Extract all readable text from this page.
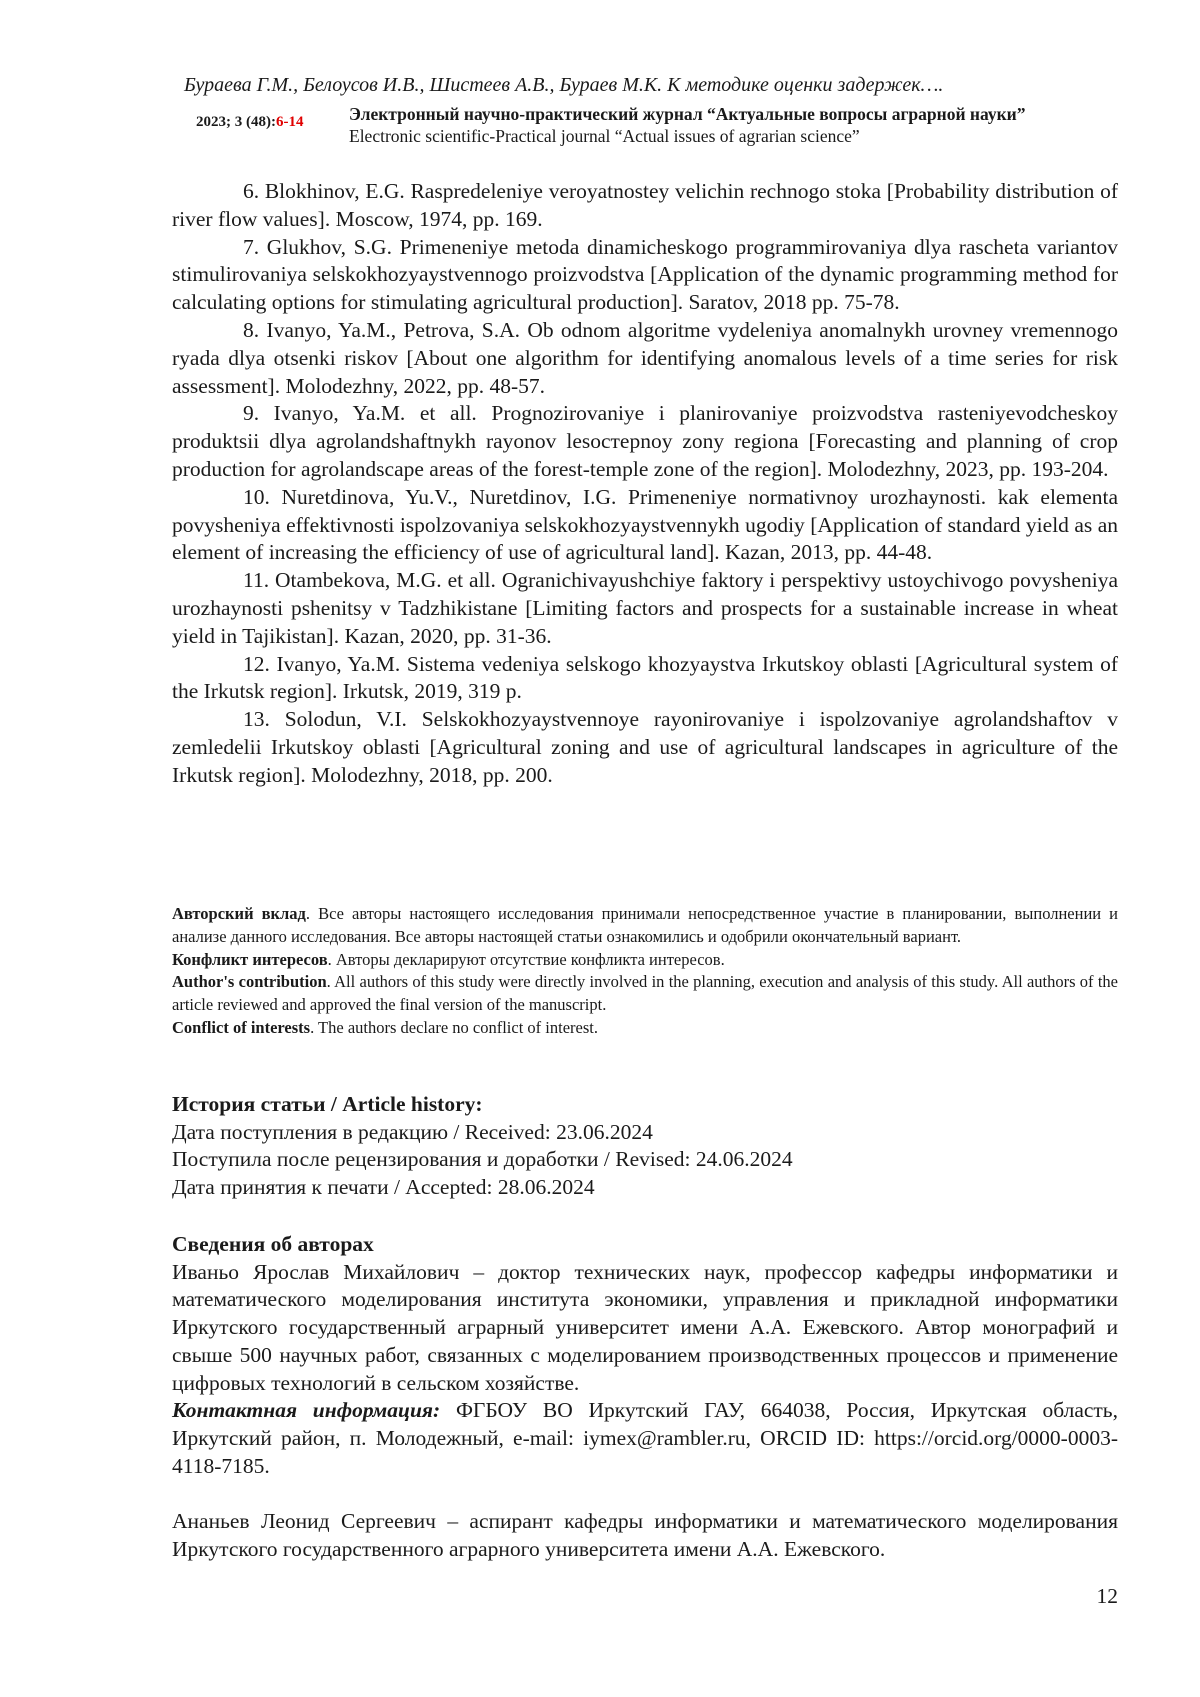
Бураева Г.М., Белоусов И.В., Шистеев А.В., Бураев М.К. К методике оценки задержек….
2023; 3 (48):6-14	Электронный научно-практический журнал “Актуальные вопросы аграрной науки”
Electronic scientific-Practical journal “Actual issues of agrarian science”

6. Blokhinov, E.G. Raspredeleniye veroyatnostey velichin rechnogo stoka [Probability distribution of river flow values]. Moscow, 1974, pp. 169.

7. Glukhov, S.G. Primeneniye metoda dinamicheskogo programmirovaniya dlya rascheta variantov stimulirovaniya selskokhozyaystvennogo proizvodstva [Application of the dynamic programming method for calculating options for stimulating agricultural production]. Saratov, 2018 pp. 75-78.

8. Ivanyo, Ya.M., Petrova, S.A. Ob odnom algoritme vydeleniya anomalnykh urovney vremennogo ryada dlya otsenki riskov [About one algorithm for identifying anomalous levels of a time series for risk assessment]. Molodezhny, 2022, pp. 48-57.

9. Ivanyo, Ya.M. et all. Prognozirovaniye i planirovaniye proizvodstva rasteniyevodcheskoy produktsii dlya agrolandshaftnykh rayonov lesocтepnoy zony regiona [Forecasting and planning of crop production for agrolandscape areas of the forest-temple zone of the region]. Molodezhny, 2023, pp. 193-204.

10. Nuretdinova, Yu.V., Nuretdinov, I.G. Primeneniye normativnoy urozhaynosti. kak elementa povysheniya effektivnosti ispolzovaniya selskokhozyaystvennykh ugodiy [Application of standard yield as an element of increasing the efficiency of use of agricultural land]. Kazan, 2013, pp. 44-48.

11. Otambekova, M.G. et all. Ogranichivayushchiye faktory i perspektivy ustoychivogo povysheniya urozhaynosti pshenitsy v Tadzhikistane [Limiting factors and prospects for a sustainable increase in wheat yield in Tajikistan]. Kazan, 2020, pp. 31-36.

12. Ivanyo, Ya.M. Sistema vedeniya selskogo khozyaystva Irkutskoy oblasti [Agricultural system of the Irkutsk region]. Irkutsk, 2019, 319 p.

13. Solodun, V.I. Selskokhozyaystvennoye rayonirovaniye i ispolzovaniye agrolandshaftov v zemledelii Irkutskoy oblasti [Agricultural zoning and use of agricultural landscapes in agriculture of the Irkutsk region]. Molodezhny, 2018, pp. 200.

Авторский вклад. Все авторы настоящего исследования принимали непосредственное участие в планировании, выполнении и анализе данного исследования. Все авторы настоящей статьи ознакомились и одобрили окончательный вариант.

Конфликт интересов. Авторы декларируют отсутствие конфликта интересов.

Author's contribution. All authors of this study were directly involved in the planning, execution and analysis of this study. All authors of the article reviewed and approved the final version of the manuscript.

Conflict of interests. The authors declare no conflict of interest.

История статьи / Article history:

Дата поступления в редакцию / Received: 23.06.2024

Поступила после рецензирования и доработки / Revised: 24.06.2024

Дата принятия к печати / Accepted: 28.06.2024

Сведения об авторах

Иваньо Ярослав Михайлович – доктор технических наук, профессор кафедры информатики и математического моделирования института экономики, управления и прикладной информатики Иркутского государственный аграрный университет имени А.А. Ежевского. Автор монографий и свыше 500 научных работ, связанных с моделированием производственных процессов и применение цифровых технологий в сельском хозяйстве.

Контактная информация: ФГБОУ ВО Иркутский ГАУ, 664038, Россия, Иркутская область, Иркутский район, п. Молодежный, e-mail: iymex@rambler.ru, ORCID ID: https://orcid.org/0000-0003-4118-7185.

Ананьев Леонид Сергеевич – аспирант кафедры информатики и математического моделирования Иркутского государственного аграрного университета имени А.А. Ежевского.

12
